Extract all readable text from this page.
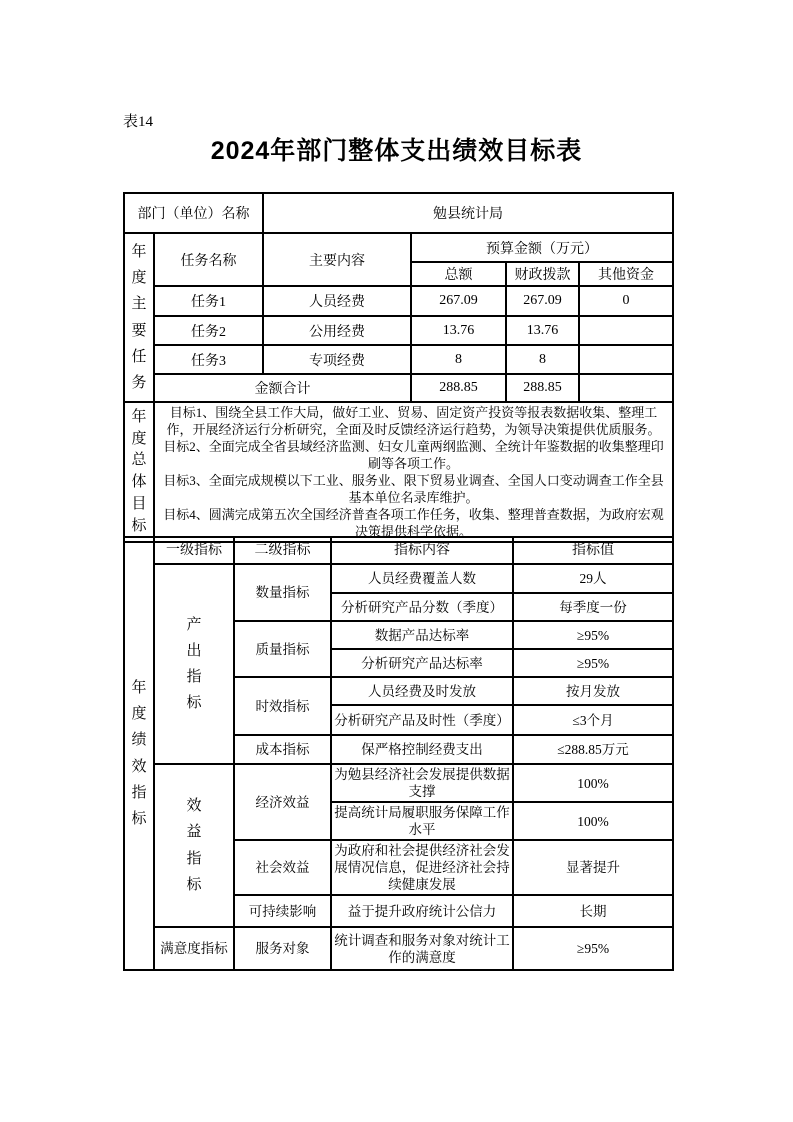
表14
2024年部门整体支出绩效目标表
部门（单位）名称		勉县统计局			
年度主要任务	任务名称	主要内容	预算金额（万元）		
			总额	财政拨款	其他资金
	任务1	人员经费	267.09	267.09	0
	任务2	公用经费	13.76	13.76	
	任务3	专项经费	8	8	
	金额合计		288.85	288.85	
年度总体目标	目标1、围绕全县工作大局，做好工业、贸易、固定资产投资等报表数据收集、整理工作，开展经济运行分析研究，全面及时反馈经济运行趋势，为领导决策提供优质服务。
目标2、全面完成全省县域经济监测、妇女儿童两纲监测、全统计年鉴数据的收集整理印刷等各项工作。
目标3、全面完成规模以下工业、服务业、限下贸易业调查、全国人口变动调查工作全县基本单位名录库维护。
目标4、圆满完成第五次全国经济普查各项工作任务，收集、整理普查数据，为政府宏观决策提供科学依据。				
年度绩效指标	一级指标	二级指标	指标内容	指标值
	产出指标	数量指标	人员经费覆盖人数	29人
			分析研究产品分数（季度）	每季度一份
		质量指标	数据产品达标率	≥95%
			分析研究产品达标率	≥95%
		时效指标	人员经费及时发放	按月发放
			分析研究产品及时性（季度）	≤3个月
		成本指标	保严格控制经费支出	≤288.85万元
	效益指标	经济效益	为勉县经济社会发展提供数据支撑	100%
			提高统计局履职服务保障工作水平	100%
		社会效益	为政府和社会提供经济社会发展情况信息，促进经济社会持续健康发展	显著提升
		可持续影响	益于提升政府统计公信力	长期
	满意度指标	服务对象	统计调查和服务对象对统计工作的满意度	≥95%
